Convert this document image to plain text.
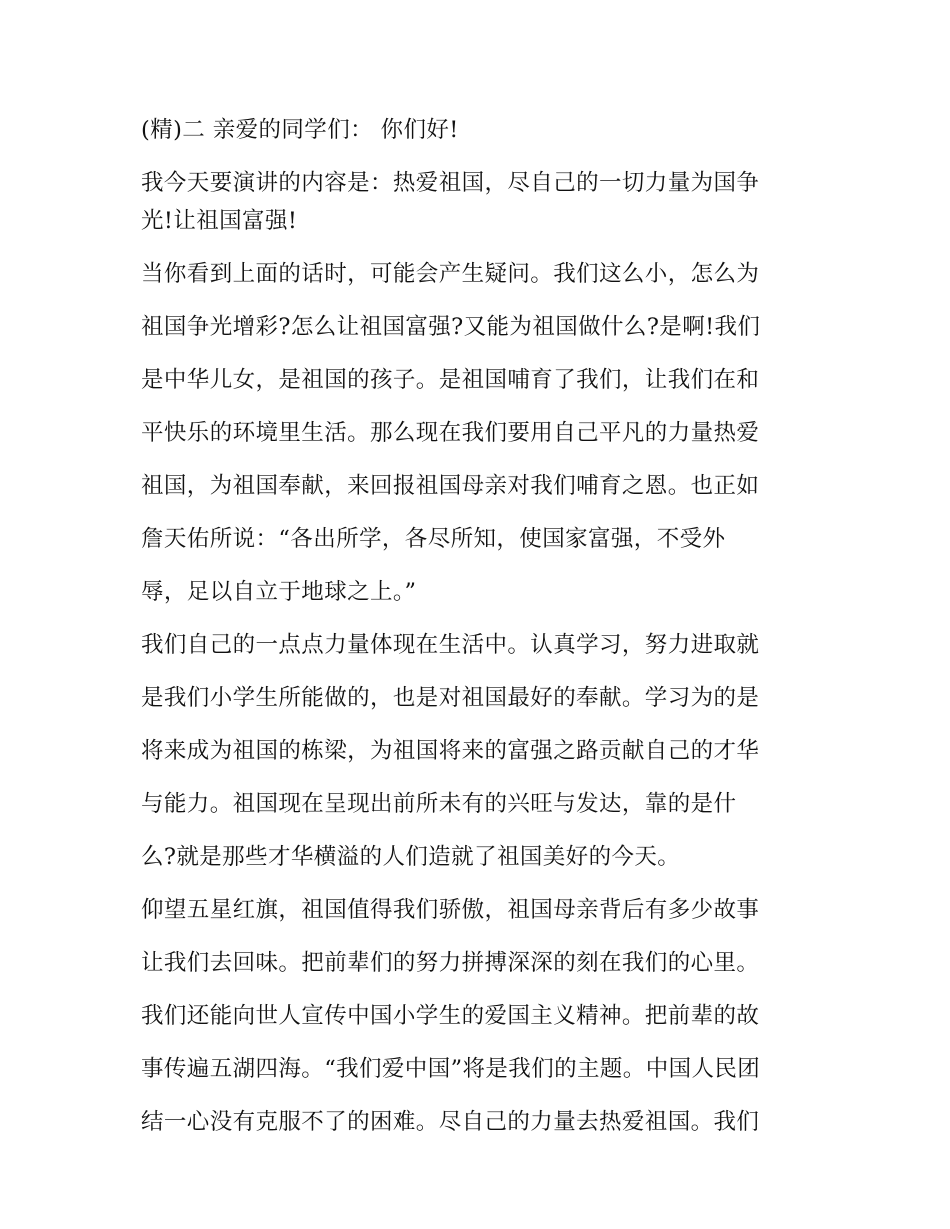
(精)二 亲爱的同学们： 你们好!
我今天要演讲的内容是：热爱祖国，尽自己的一切力量为国争
光!让祖国富强!
当你看到上面的话时，可能会产生疑问。我们这么小，怎么为
祖国争光增彩?怎么让祖国富强?又能为祖国做什么?是啊!我们
是中华儿女，是祖国的孩子。是祖国哺育了我们，让我们在和
平快乐的环境里生活。那么现在我们要用自己平凡的力量热爱
祖国，为祖国奉献，来回报祖国母亲对我们哺育之恩。也正如
詹天佑所说：“各出所学，各尽所知，使国家富强，不受外
辱，足以自立于地球之上。”
我们自己的一点点力量体现在生活中。认真学习，努力进取就
是我们小学生所能做的，也是对祖国最好的奉献。学习为的是
将来成为祖国的栋梁，为祖国将来的富强之路贡献自己的才华
与能力。祖国现在呈现出前所未有的兴旺与发达，靠的是什
么?就是那些才华横溢的人们造就了祖国美好的今天。
仰望五星红旗，祖国值得我们骄傲，祖国母亲背后有多少故事
让我们去回味。把前辈们的努力拼搏深深的刻在我们的心里。
我们还能向世人宣传中国小学生的爱国主义精神。把前辈的故
事传遍五湖四海。“我们爱中国”将是我们的主题。中国人民团
结一心没有克服不了的困难。尽自己的力量去热爱祖国。我们
